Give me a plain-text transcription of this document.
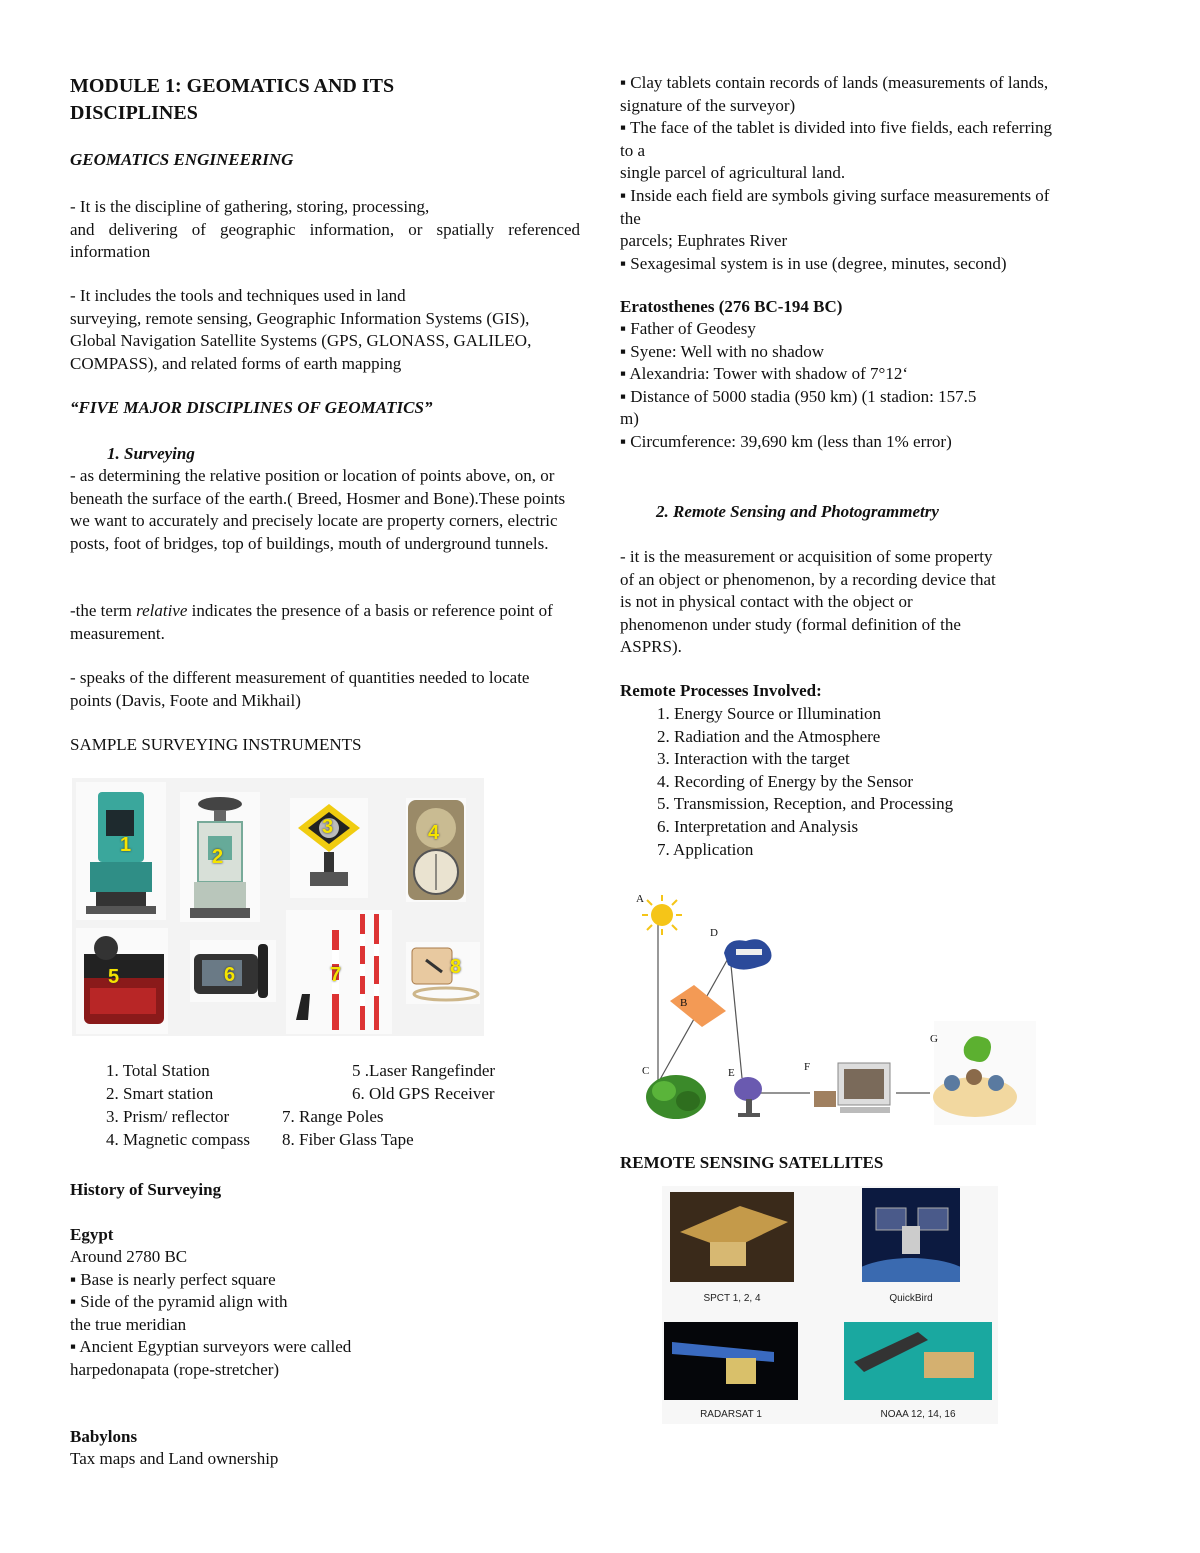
MODULE 1: GEOMATICS AND ITS
DISCIPLINES
GEOMATICS ENGINEERING

- It is the discipline of gathering, storing, processing,

and delivering of geographic information, or spatially referenced information

- It includes the tools and techniques used in land

surveying, remote sensing, Geographic Information Systems (GIS), Global Navigation Satellite Systems (GPS, GLONASS, GALILEO, COMPASS), and related forms of earth mapping

“FIVE MAJOR DISCIPLINES OF GEOMATICS”
1. Surveying
- as determining the relative position or location of points above, on, or beneath the surface of the earth.( Breed, Hosmer and Bone).These points we want to accurately and precisely locate are property corners, electric posts, foot of bridges, top of buildings, mouth of underground tunnels.
-the term relative indicates the presence of a basis or reference point of measurement.
- speaks of the different measurement of quantities needed to locate points (Davis, Foote and Mikhail)
SAMPLE SURVEYING INSTRUMENTS
1
2
3	4
5	6	7	8
1. Total Station	5 .Laser Rangefinder
2. Smart station	6. Old GPS Receiver
3. Prism/ reflector	7. Range Poles
4. Magnetic compass	8. Fiber Glass Tape
History of Surveying
Egypt

Around 2780 BC

▪ Base is nearly perfect square

▪ Side of the pyramid align with

the true meridian

▪ Ancient Egyptian surveyors were called

harpedonapata (rope-stretcher)

Babylons
Tax maps and Land ownership

▪ Clay tablets contain records of lands (measurements of lands,

signature of the surveyor)

▪ The face of the tablet is divided into five fields, each referring

to a

single parcel of agricultural land.

▪ Inside each field are symbols giving surface measurements of

the

parcels; Euphrates River

▪ Sexagesimal system is in use (degree, minutes, second)

Eratosthenes (276 BC-194 BC)

▪ Father of Geodesy

▪ Syene: Well with no shadow

▪ Alexandria: Tower with shadow of 7°12‘

▪ Distance of 5000 stadia (950 km) (1 stadion: 157.5

m)

▪ Circumference: 39,690 km (less than 1% error)

2. Remote Sensing and Photogrammetry
- it is the measurement or acquisition of some property of an object or phenomenon, by a recording device that is not in physical contact with the object or phenomenon under study (formal definition of the ASPRS).
Remote Processes Involved:

1. Energy Source or Illumination

2. Radiation and the Atmosphere

3. Interaction with the target

4. Recording of Energy by the Sensor

5. Transmission, Reception, and Processing

6. Interpretation and Analysis

7. Application

A
B
C
D
E	F
G
REMOTE SENSING SATELLITES
SPCT 1, 2, 4	QuickBird
RADARSAT 1	NOAA 12, 14, 16
